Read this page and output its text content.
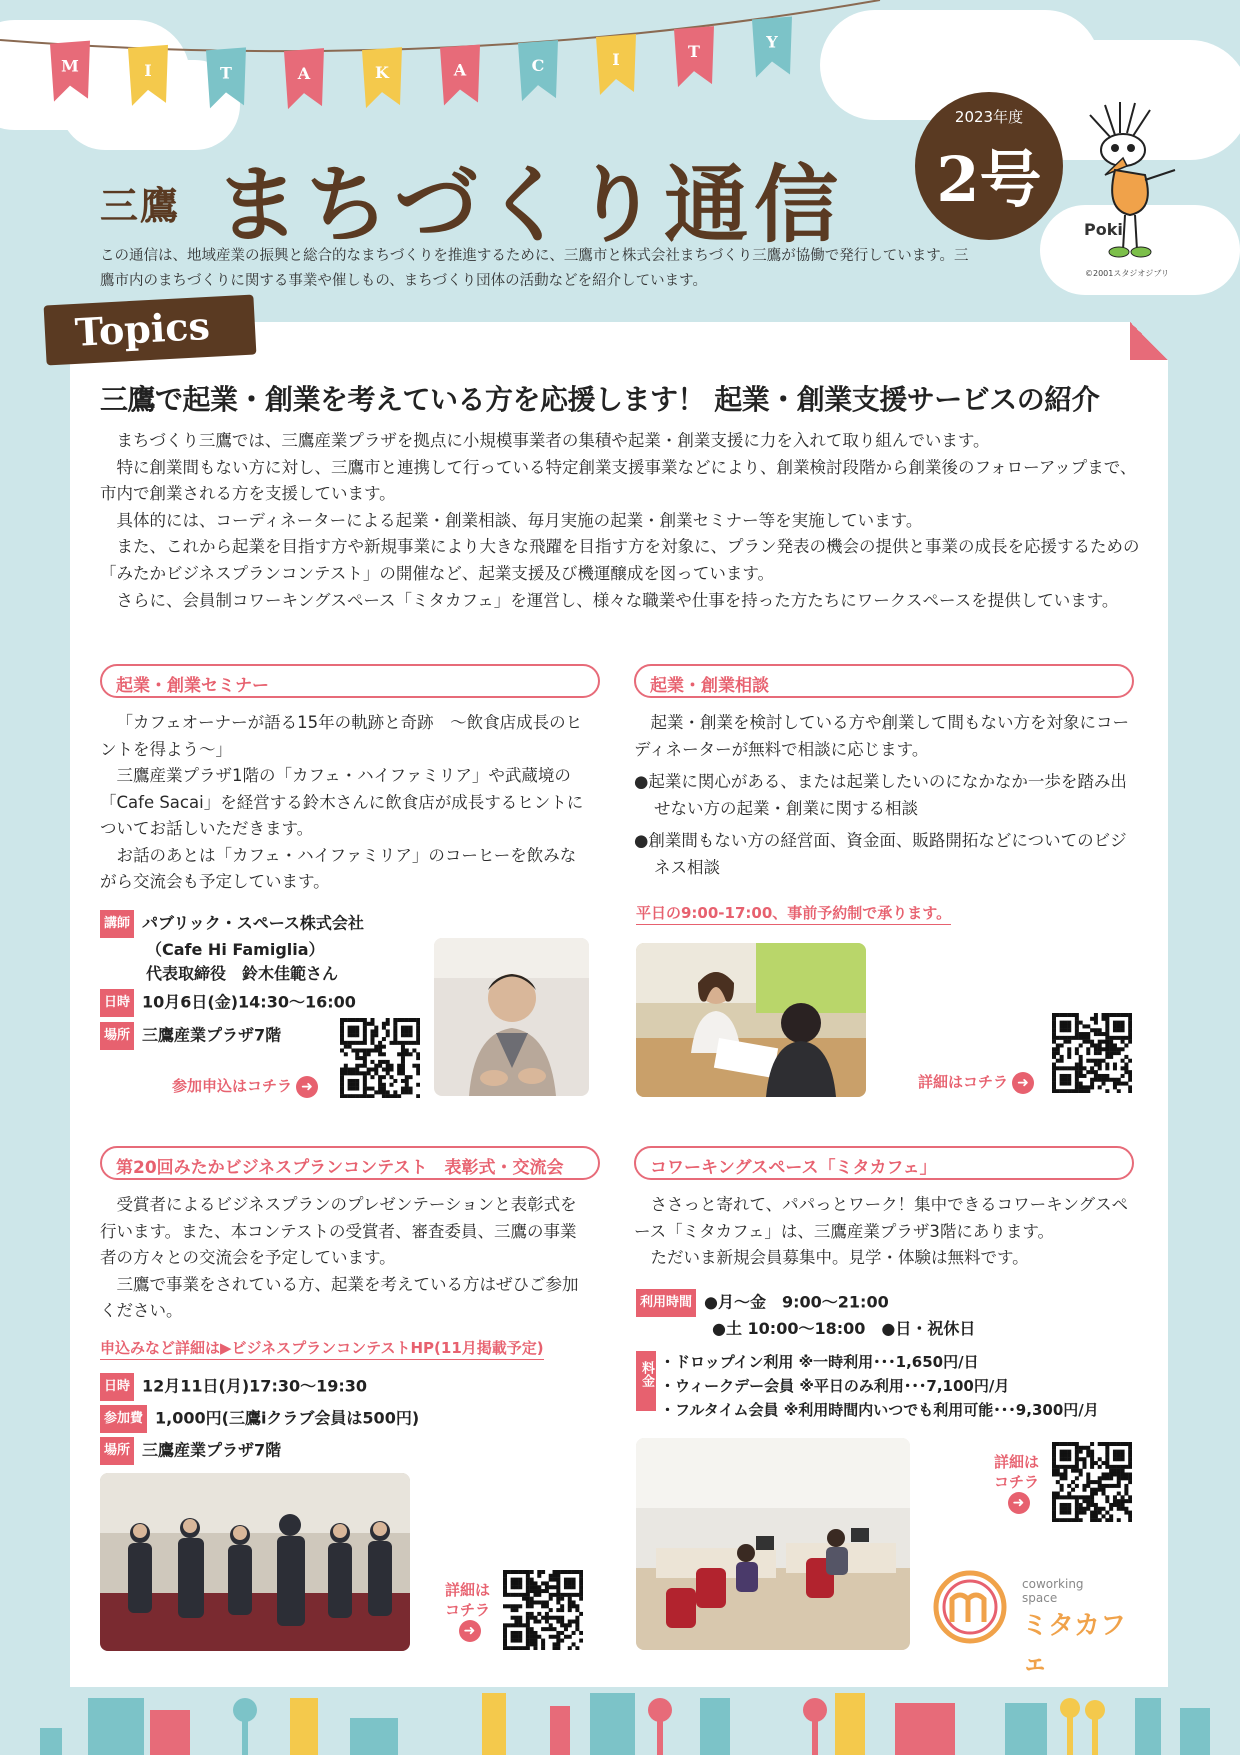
M	I	T	A	K	A	C	I	T
Y
三鷹 まちづくり通信
2023年度
2号
Poki
©2001スタジオジブリ
この通信は、地域産業の振興と総合的なまちづくりを推進するために、三鷹市と株式会社まちづくり三鷹が協働で発行しています。三鷹市内のまちづくりに関する事業や催しもの、まちづくり団体の活動などを紹介しています。
Topics
三鷹で起業・創業を考えている方を応援します！ 起業・創業支援サービスの紹介

まちづくり三鷹では、三鷹産業プラザを拠点に小規模事業者の集積や起業・創業支援に力を入れて取り組んでいます。

特に創業間もない方に対し、三鷹市と連携して行っている特定創業支援事業などにより、創業検討段階から創業後のフォローアップまで、市内で創業される方を支援しています。

具体的には、コーディネーターによる起業・創業相談、毎月実施の起業・創業セミナー等を実施しています。

また、これから起業を目指す方や新規事業により大きな飛躍を目指す方を対象に、プラン発表の機会の提供と事業の成長を応援するための「みたかビジネスプランコンテスト」の開催など、起業支援及び機運醸成を図っています。

さらに、会員制コワーキングスペース「ミタカフェ」を運営し、様々な職業や仕事を持った方たちにワークスペースを提供しています。

起業・創業セミナー

「カフェオーナーが語る15年の軌跡と奇跡　〜飲食店成長のヒントを得よう〜」

三鷹産業プラザ1階の「カフェ・ハイファミリア」や武蔵境の「Cafe Sacai」を経営する鈴木さんに飲食店が成長するヒントについてお話しいただきます。

お話のあとは「カフェ・ハイファミリア」のコーヒーを飲みながら交流会も予定しています。

講師 パブリック・スペース株式会社
（Cafe Hi Famiglia）
代表取締役　鈴木佳範さん
日時 10月6日(金)14:30〜16:00
場所 三鷹産業プラザ7階
参加申込はコチラ ➜
起業・創業相談

起業・創業を検討している方や創業して間もない方を対象にコーディネーターが無料で相談に応じます。

●起業に関心がある、または起業したいのになかなか一歩を踏み出せない方の起業・創業に関する相談

●創業間もない方の経営面、資金面、販路開拓などについてのビジネス相談

平日の9:00-17:00、事前予約制で承ります。
詳細はコチラ ➜
第20回みたかビジネスプランコンテスト　表彰式・交流会

受賞者によるビジネスプランのプレゼンテーションと表彰式を行います。また、本コンテストの受賞者、審査委員、三鷹の事業者の方々との交流会を予定しています。

三鷹で事業をされている方、起業を考えている方はぜひご参加ください。

申込みなど詳細は▶ビジネスプランコンテストHP(11月掲載予定)
日時 12月11日(月)17:30〜19:30
参加費 1,000円(三鷹iクラブ会員は500円)
場所 三鷹産業プラザ7階
詳細は
コチラ
➜
コワーキングスペース「ミタカフェ」

ささっと寄れて、パパっとワーク！集中できるコワーキングスペース「ミタカフェ」は、三鷹産業プラザ3階にあります。

ただいま新規会員募集中。見学・体験は無料です。

利用時間 ●月〜金　9:00〜21:00
●土 10:00〜18:00　●日・祝休日
料金 ・ドロップイン利用 ※一時利用･･･1,650円/日
・ウィークデー会員 ※平日のみ利用･･･7,100円/月
・フルタイム会員 ※利用時間内いつでも利用可能･･･9,300円/月
詳細は
コチラ
➜
coworking
space
ミタカフェ
